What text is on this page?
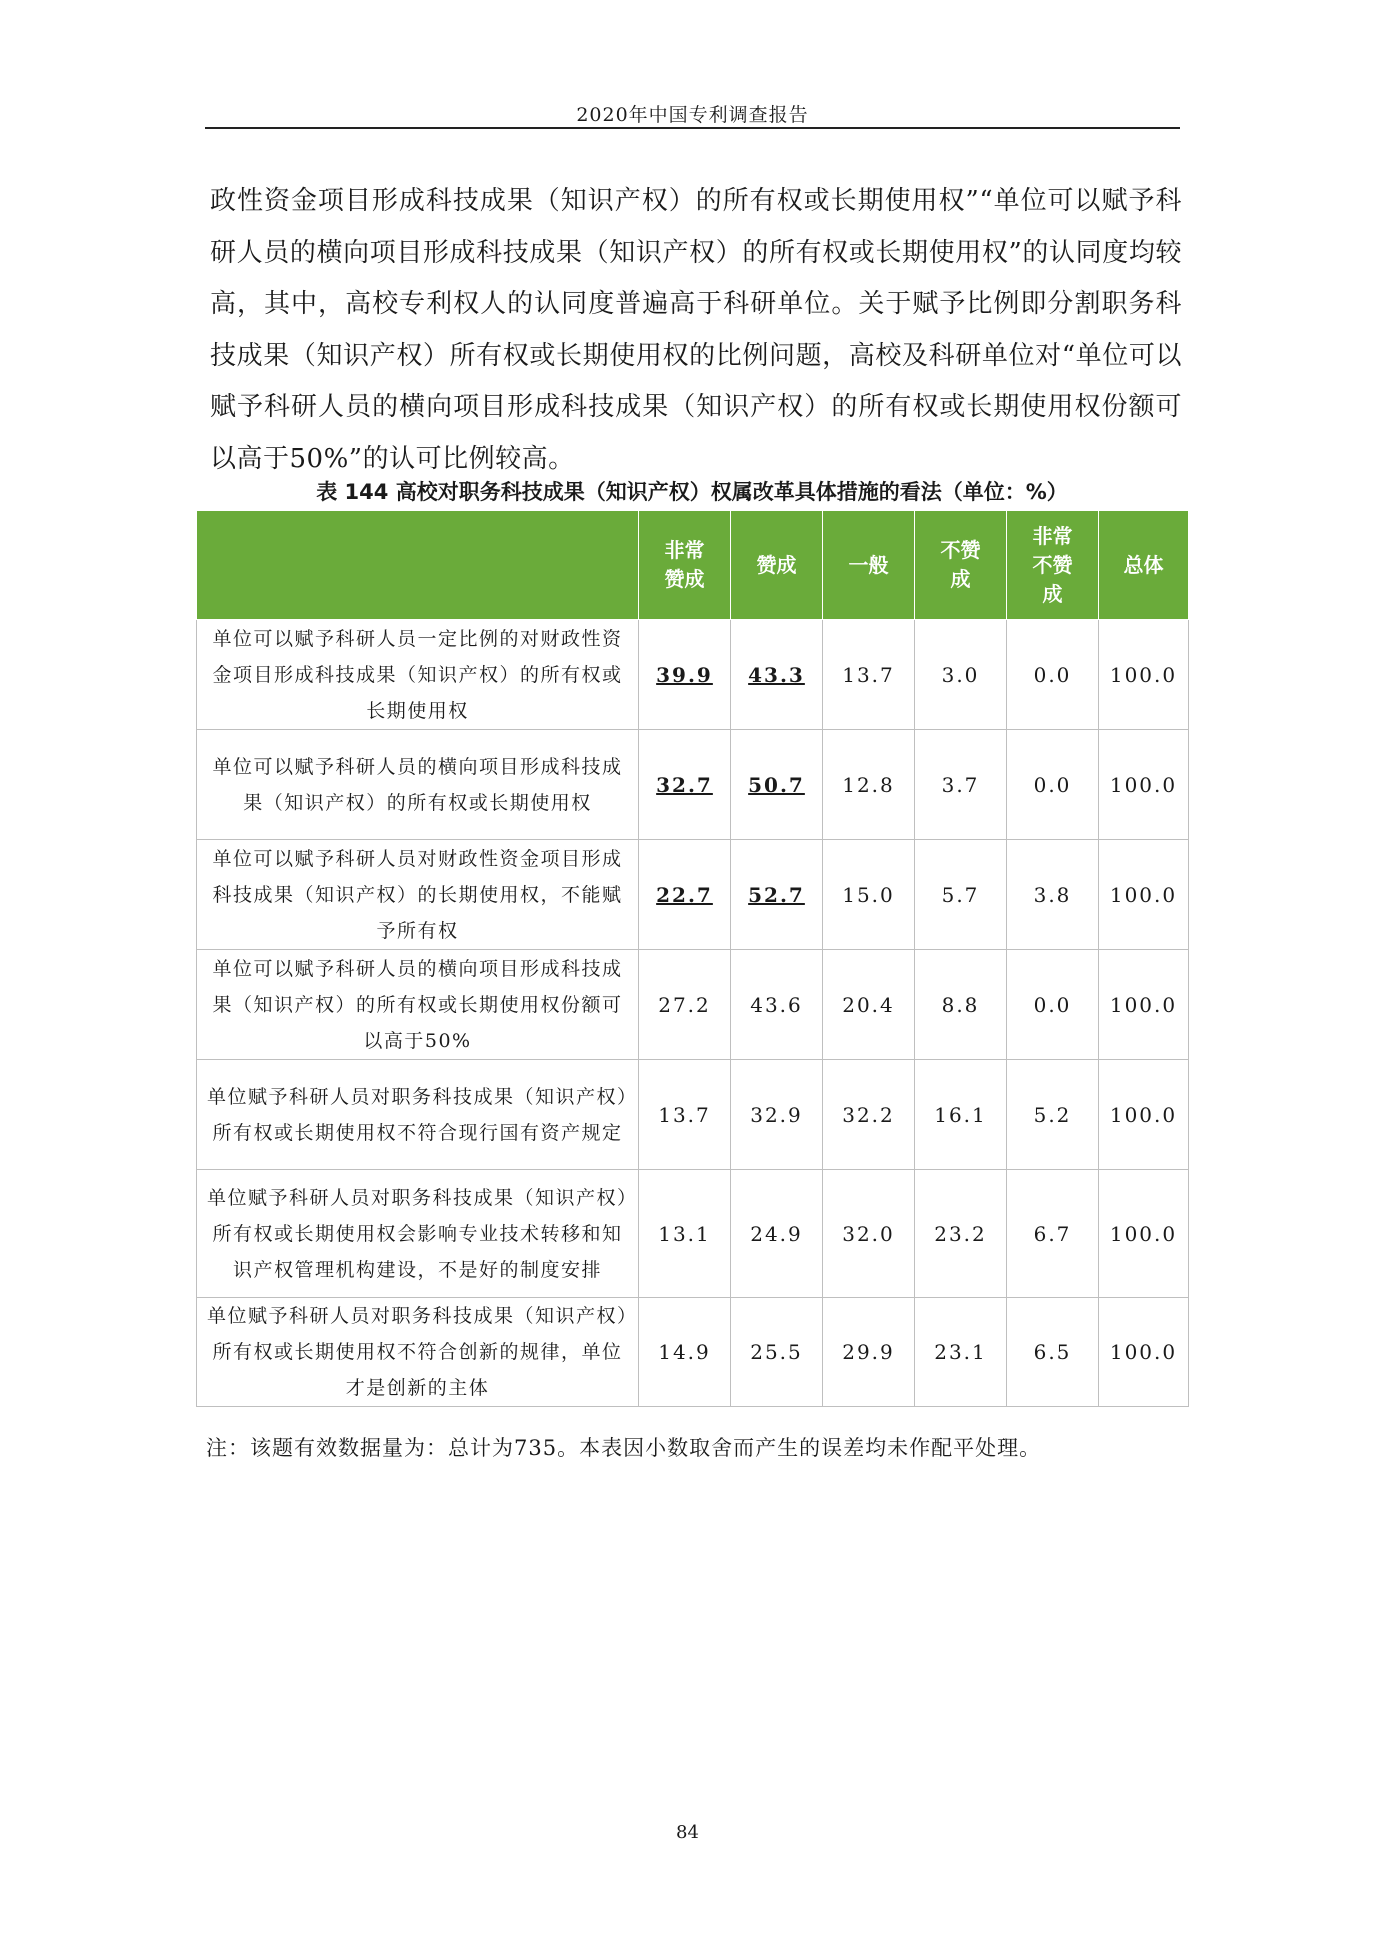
2020年中国专利调查报告

政性资金项目形成科技成果（知识产权）的所有权或长期使用权”“单位可以赋予科研人员的横向项目形成科技成果（知识产权）的所有权或长期使用权”的认同度均较高，其中，高校专利权人的认同度普遍高于科研单位。关于赋予比例即分割职务科技成果（知识产权）所有权或长期使用权的比例问题，高校及科研单位对“单位可以赋予科研人员的横向项目形成科技成果（知识产权）的所有权或长期使用权份额可以高于50%”的认可比例较高。

表 144 高校对职务科技成果（知识产权）权属改革具体措施的看法（单位：%）

	非常赞成	赞成	一般	不赞成	非常不赞成	总体

单位可以赋予科研人员一定比例的对财政性资金项目形成科技成果（知识产权）的所有权或长期使用权	39.9	43.3	13.7	3.0	0.0	100.0
单位可以赋予科研人员的横向项目形成科技成果（知识产权）的所有权或长期使用权	32.7	50.7	12.8	3.7	0.0	100.0
单位可以赋予科研人员对财政性资金项目形成科技成果（知识产权）的长期使用权，不能赋予所有权	22.7	52.7	15.0	5.7	3.8	100.0
单位可以赋予科研人员的横向项目形成科技成果（知识产权）的所有权或长期使用权份额可以高于50%	27.2	43.6	20.4	8.8	0.0	100.0
单位赋予科研人员对职务科技成果（知识产权）所有权或长期使用权不符合现行国有资产规定	13.7	32.9	32.2	16.1	5.2	100.0
单位赋予科研人员对职务科技成果（知识产权）所有权或长期使用权会影响专业技术转移和知识产权管理机构建设，不是好的制度安排	13.1	24.9	32.0	23.2	6.7	100.0
单位赋予科研人员对职务科技成果（知识产权）所有权或长期使用权不符合创新的规律，单位才是创新的主体	14.9	25.5	29.9	23.1	6.5	100.0
注：该题有效数据量为：总计为735。本表因小数取舍而产生的误差均未作配平处理。
84
